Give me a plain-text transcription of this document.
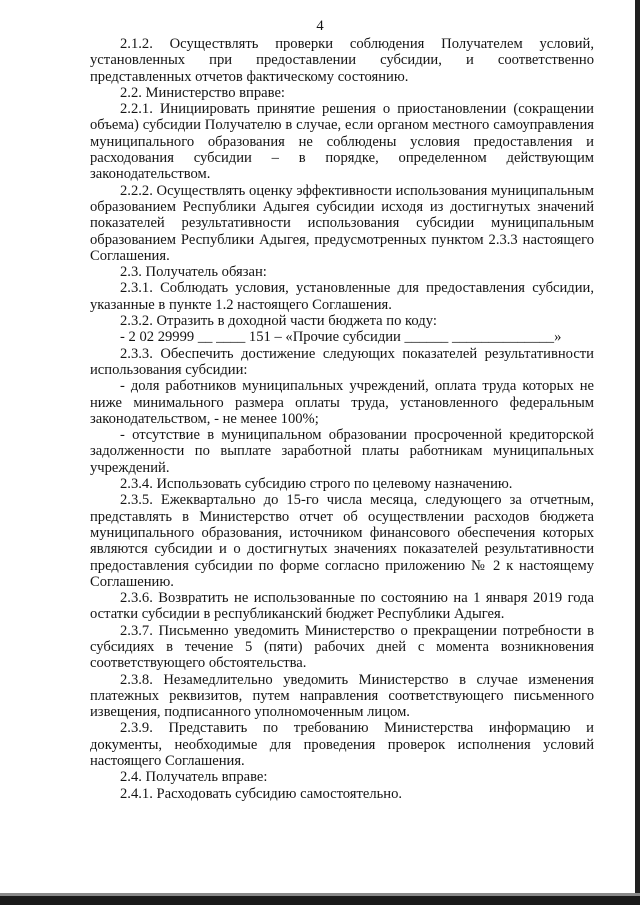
4

2.1.2. Осуществлять проверки соблюдения Получателем условий, установленных при предоставлении субсидии, и соответственно представленных отчетов фактическому состоянию.

2.2. Министерство вправе:

2.2.1. Инициировать принятие решения о приостановлении (сокращении объема) субсидии Получателю в случае, если органом местного самоуправления муниципального образования не соблюдены условия предоставления и расходования субсидии – в порядке, определенном действующим законодательством.

2.2.2. Осуществлять оценку эффективности использования муниципальным образованием Республики Адыгея субсидии исходя из достигнутых значений показателей результативности использования субсидии муниципальным образованием Республики Адыгея, предусмотренных пунктом 2.3.3 настоящего Соглашения.

2.3. Получатель обязан:

2.3.1. Соблюдать условия, установленные для предоставления субсидии, указанные в пункте 1.2 настоящего Соглашения.

2.3.2. Отразить в доходной части бюджета по коду:

- 2 02 29999 __ ____ 151 – «Прочие субсидии ______ ______________»

2.3.3. Обеспечить достижение следующих показателей результативности использования субсидии:

- доля работников муниципальных учреждений, оплата труда которых не ниже минимального размера оплаты труда, установленного федеральным законодательством, - не менее 100%;

- отсутствие в муниципальном образовании просроченной кредиторской задолженности по выплате заработной платы работникам муниципальных учреждений.

2.3.4. Использовать субсидию строго по целевому назначению.

2.3.5. Ежеквартально до 15-го числа месяца, следующего за отчетным, представлять в Министерство отчет об осуществлении расходов бюджета муниципального образования, источником финансового обеспечения которых являются субсидии и о достигнутых значениях показателей результативности предоставления субсидии по форме согласно приложению № 2 к настоящему Соглашению.

2.3.6. Возвратить не использованные по состоянию на 1 января 2019 года остатки субсидии в республиканский бюджет Республики Адыгея.

2.3.7. Письменно уведомить Министерство о прекращении потребности в субсидиях в течение 5 (пяти) рабочих дней с момента возникновения соответствующего обстоятельства.

2.3.8. Незамедлительно уведомить Министерство в случае изменения платежных реквизитов, путем направления соответствующего письменного извещения, подписанного уполномоченным лицом.

2.3.9. Представить по требованию Министерства информацию и документы, необходимые для проведения проверок исполнения условий настоящего Соглашения.

2.4. Получатель вправе:

2.4.1. Расходовать субсидию самостоятельно.
